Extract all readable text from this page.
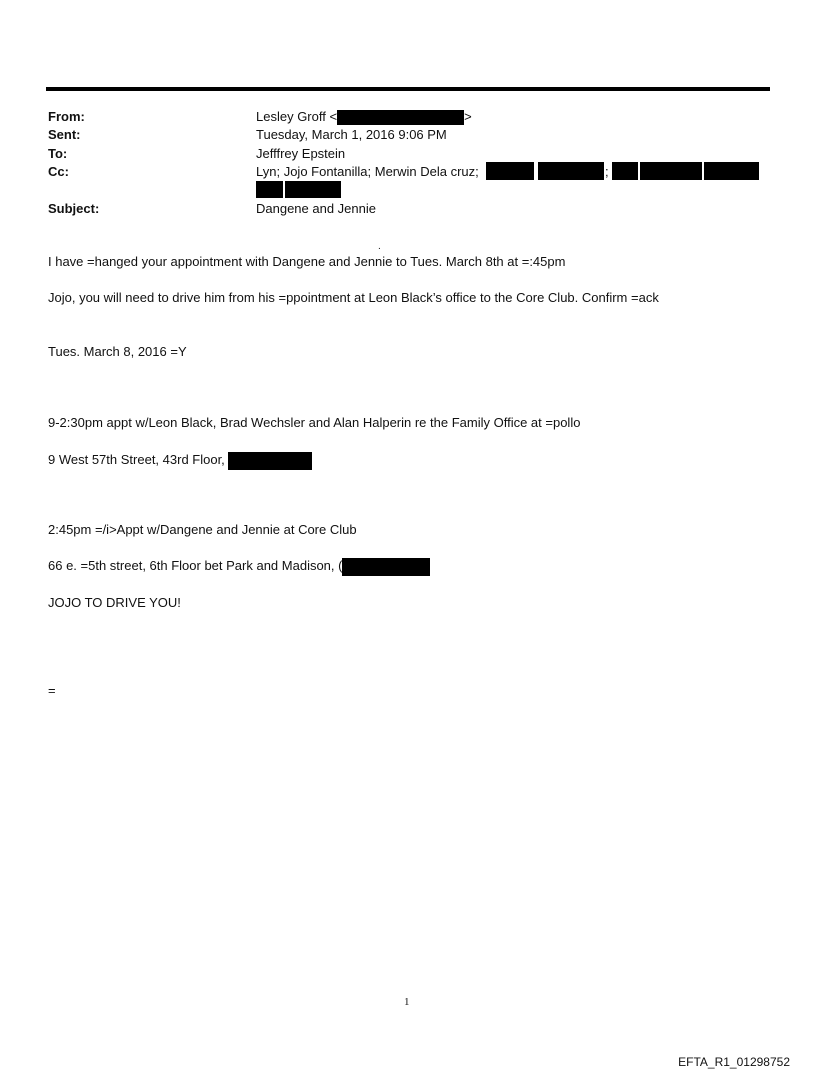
From:
Sent:
To:
Cc:
Subject:
Lesley Groff <	>
Tuesday, March 1, 2016 9:06 PM
Jefffrey Epstein
Lyn; Jojo Fontanilla; Merwin Dela cruz;	;
Dangene and Jennie
.
I have =hanged your appointment with Dangene and Jennie to Tues. March 8th at =:45pm
Jojo, you will need to drive him from his =ppointment at Leon Black’s office to the Core Club. Confirm =ack
Tues. March 8, 2016 =Y
9-2:30pm appt w/Leon Black, Brad Wechsler and Alan Halperin re the Family Office at =pollo
9 West 57th Street, 43rd Floor,
2:45pm =/i>Appt w/Dangene and Jennie at Core Club
66 e. =5th street, 6th Floor bet Park and Madison, (
JOJO TO DRIVE YOU!
=
1
EFTA_R1_01298752
